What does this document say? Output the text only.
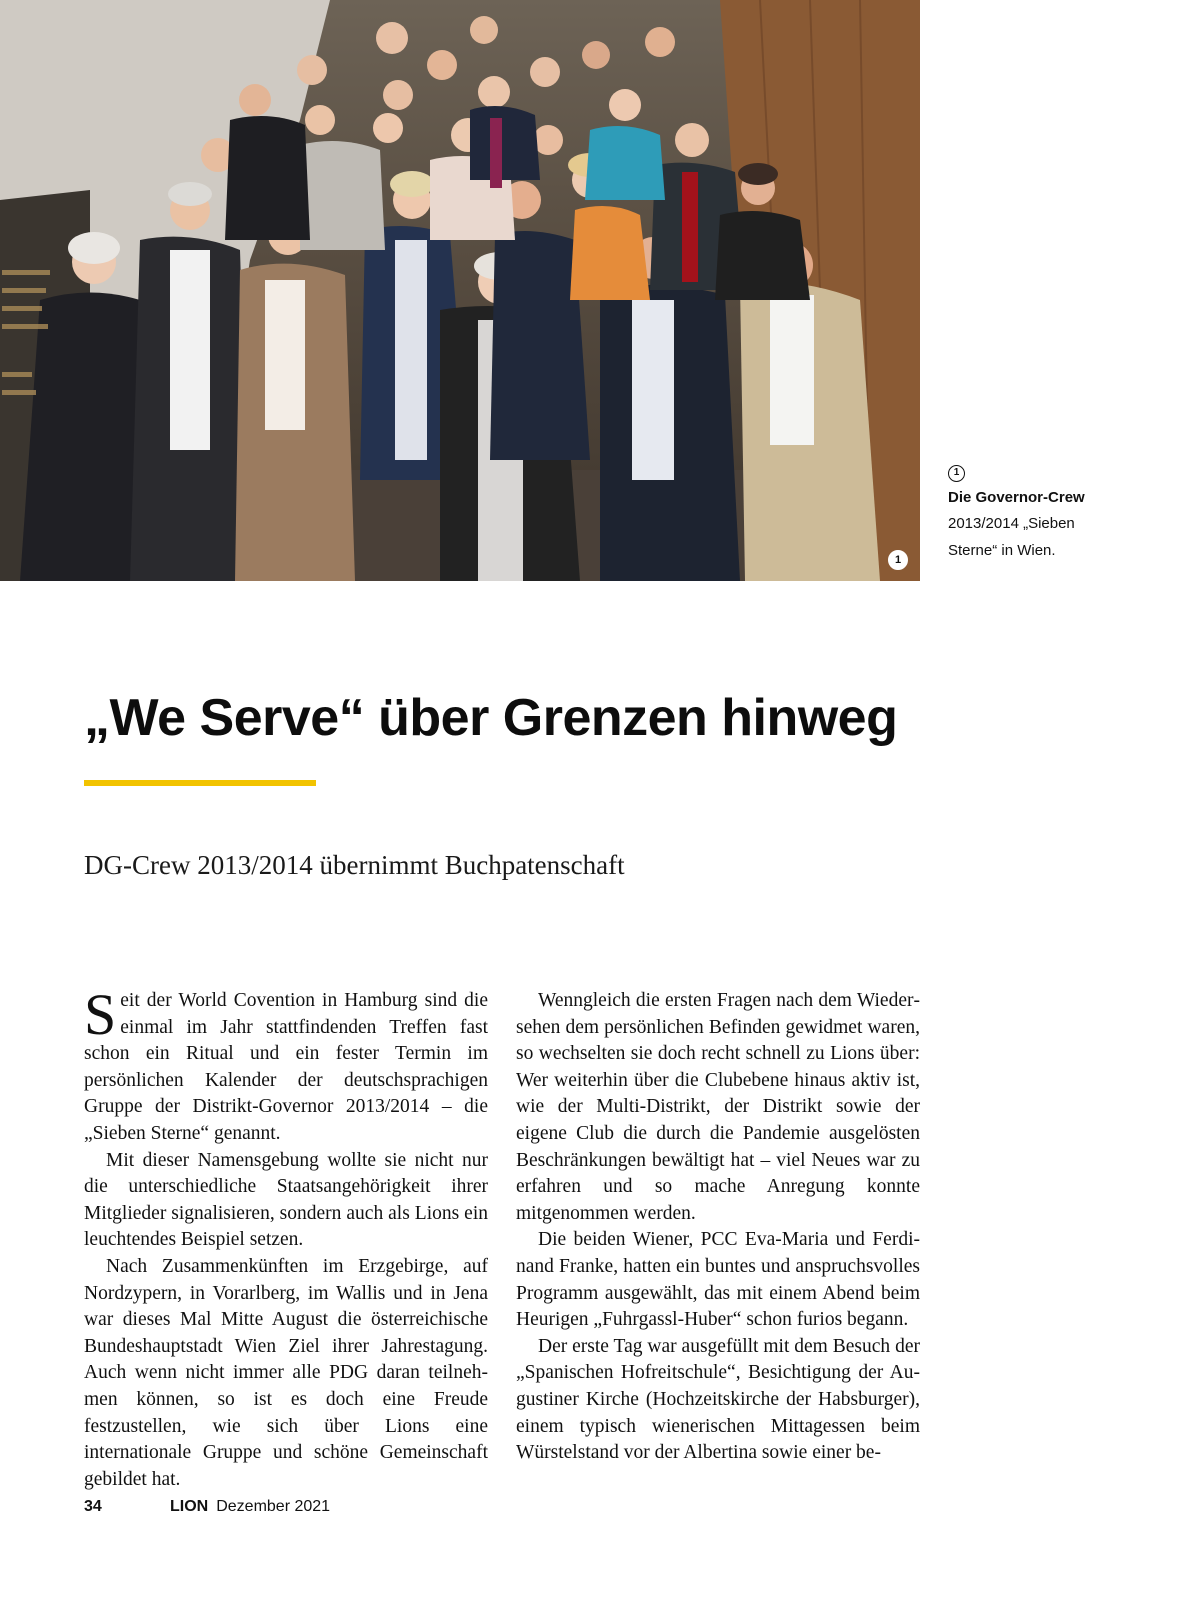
1
1
Die Governor-Crew 2013/2014 „Sieben Sterne“ in Wien.
„We Serve“ über Grenzen hinweg
DG-Crew 2013/2014 übernimmt Buchpatenschaft

Seit der World Covention in Hamburg sind die einmal im Jahr stattfindenden Treffen fast schon ein Ritual und ein fester Termin im persönlichen Kalender der deutschsprachigen Gruppe der Distrikt-Governor 2013/2014 – die „Sieben Sterne“ genannt.

Mit dieser Namensgebung wollte sie nicht nur die unterschiedliche Staatsangehörigkeit ihrer Mitglieder signalisieren, sondern auch als Lions ein leuchtendes Beispiel setzen.

Nach Zusammenkünften im Erzgebirge, auf Nordzypern, in Vorarlberg, im Wallis und in Jena war dieses Mal Mitte August die österreichische Bundeshauptstadt Wien Ziel ihrer Jahrestagung. Auch wenn nicht immer alle PDG daran teilnehmen können, so ist es doch eine Freude festzustellen, wie sich über Lions eine internationale Gruppe und schöne Gemeinschaft gebildet hat.

Wenngleich die ersten Fragen nach dem Wiedersehen dem persönlichen Befinden gewidmet waren, so wechselten sie doch recht schnell zu Lions über: Wer weiterhin über die Clubebene hinaus aktiv ist, wie der Multi-Distrikt, der Distrikt sowie der eigene Club die durch die Pandemie ausgelösten Beschränkungen bewältigt hat – viel Neues war zu erfahren und so mache Anregung konnte mitgenommen werden.

Die beiden Wiener, PCC Eva-Maria und Ferdinand Franke, hatten ein buntes und anspruchsvolles Programm ausgewählt, das mit einem Abend beim Heurigen „Fuhrgassl-Huber“ schon furios begann.

Der erste Tag war ausgefüllt mit dem Besuch der „Spanischen Hofreitschule“, Besichtigung der Augustiner Kirche (Hochzeitskirche der Habsburger), einem typisch wienerischen Mittagessen beim Würstelstand vor der Albertina sowie einer be-

34	LION Dezember 2021
